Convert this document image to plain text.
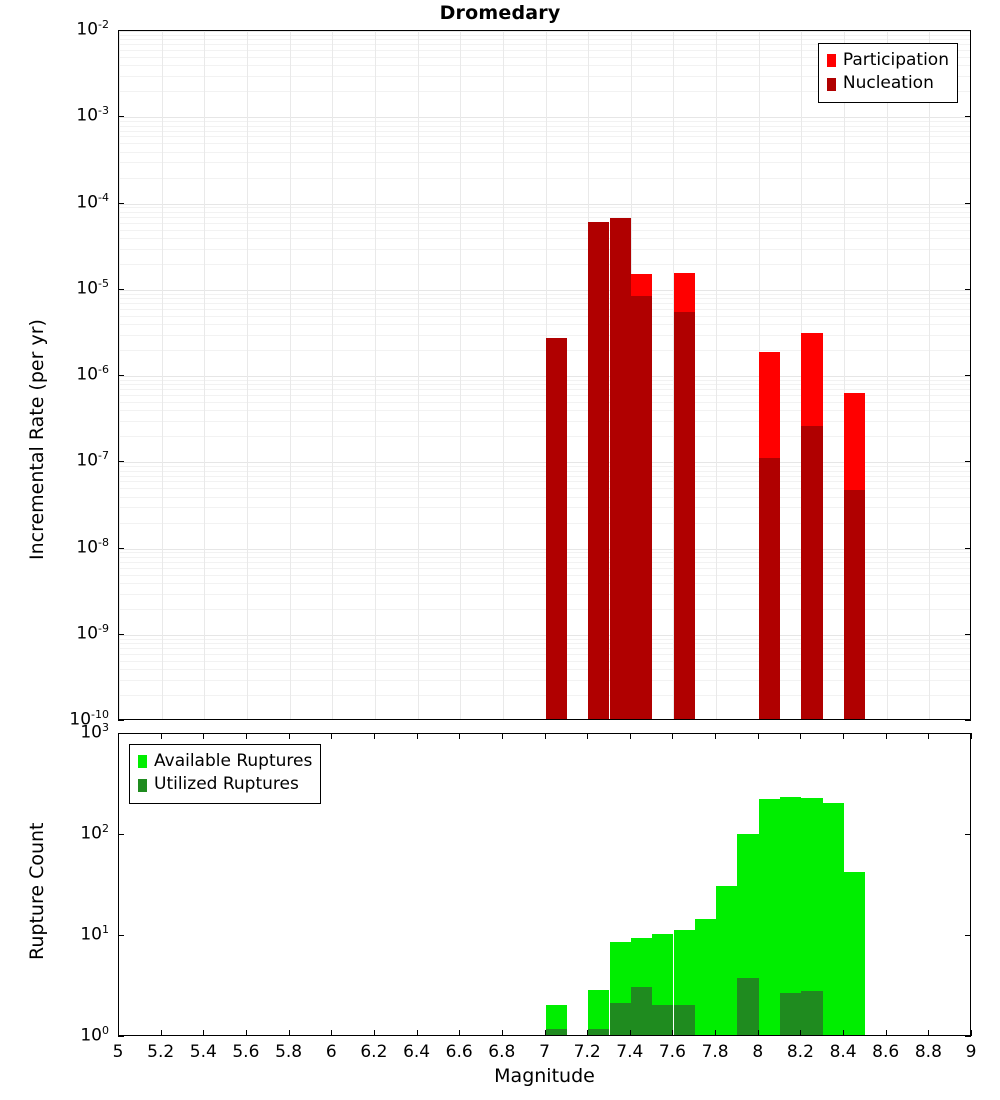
Dromedary
Participation
Nucleation
Incremental Rate (per yr)
Available Ruptures
Utilized Ruptures
Rupture Count
Magnitude
$10^{-2}$
$10^{-3}$
$10^{-4}$
$10^{-5}$
$10^{-6}$
$10^{-7}$
$10^{-8}$
$10^{-9}$
$10^{-10}$
$10^3$
$10^2$
$10^1$
$10^0$
5 5.2 5.4 5.6 5.8 6 6.2 6.4 6.6 6.8 7 7.2 7.4 7.6 7.8 8 8.2 8.4 8.6 8.8 9
